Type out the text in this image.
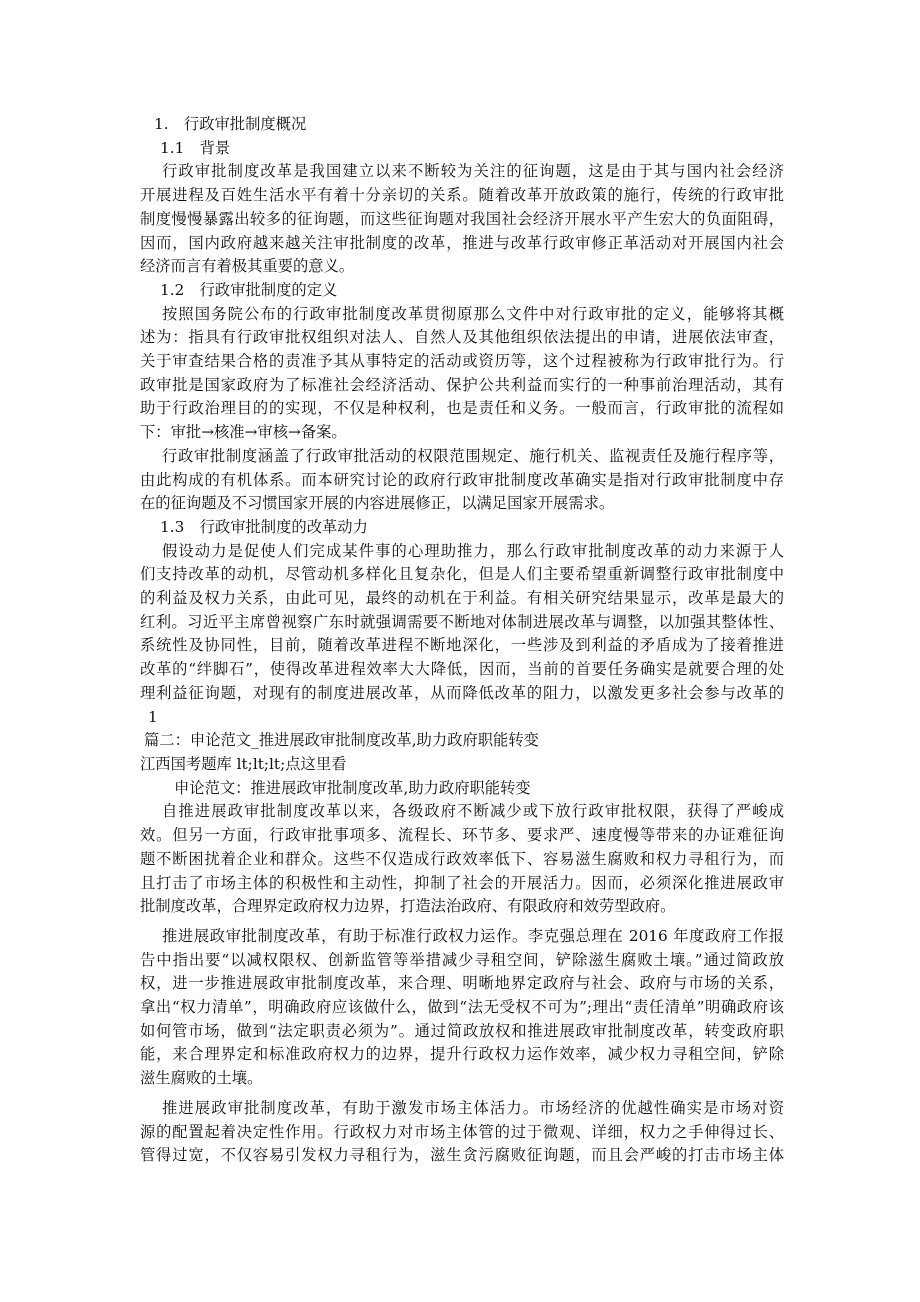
1.　行政审批制度概况
1.1　背景
行政审批制度改革是我国建立以来不断较为关注的征询题，这是由于其与国内社会经济
开展进程及百姓生活水平有着十分亲切的关系。随着改革开放政策的施行，传统的行政审批
制度慢慢暴露出较多的征询题，而这些征询题对我国社会经济开展水平产生宏大的负面阻碍，
因而，国内政府越来越关注审批制度的改革，推进与改革行政审修正革活动对开展国内社会
经济而言有着极其重要的意义。
1.2　行政审批制度的定义
按照国务院公布的行政审批制度改革贯彻原那么文件中对行政审批的定义，能够将其概
述为：指具有行政审批权组织对法人、自然人及其他组织依法提出的申请，进展依法审查，
关于审查结果合格的责准予其从事特定的活动或资历等，这个过程被称为行政审批行为。行
政审批是国家政府为了标准社会经济活动、保护公共利益而实行的一种事前治理活动，其有
助于行政治理目的的实现，不仅是种权利，也是责任和义务。一般而言，行政审批的流程如
下：审批→核准→审核→备案。
行政审批制度涵盖了行政审批活动的权限范围规定、施行机关、监视责任及施行程序等，
由此构成的有机体系。而本研究讨论的政府行政审批制度改革确实是指对行政审批制度中存
在的征询题及不习惯国家开展的内容进展修正，以满足国家开展需求。
1.3　行政审批制度的改革动力
假设动力是促使人们完成某件事的心理助推力，那么行政审批制度改革的动力来源于人
们支持改革的动机，尽管动机多样化且复杂化，但是人们主要希望重新调整行政审批制度中
的利益及权力关系，由此可见，最终的动机在于利益。有相关研究结果显示，改革是最大的
红利。习近平主席曾视察广东时就强调需要不断地对体制进展改革与调整，以加强其整体性、
系统性及协同性，目前，随着改革进程不断地深化，一些涉及到利益的矛盾成为了接着推进
改革的“绊脚石”，使得改革进程效率大大降低，因而，当前的首要任务确实是就要合理的处
理利益征询题，对现有的制度进展改革，从而降低改革的阻力，以激发更多社会参与改革的
1
篇二：申论范文_推进展政审批制度改革,助力政府职能转变
江西国考题库 lt;lt;lt;点这里看
申论范文：推进展政审批制度改革,助力政府职能转变
自推进展政审批制度改革以来，各级政府不断减少或下放行政审批权限，获得了严峻成
效。但另一方面，行政审批事项多、流程长、环节多、要求严、速度慢等带来的办证难征询
题不断困扰着企业和群众。这些不仅造成行政效率低下、容易滋生腐败和权力寻租行为，而
且打击了市场主体的积极性和主动性，抑制了社会的开展活力。因而，必须深化推进展政审
批制度改革，合理界定政府权力边界，打造法治政府、有限政府和效劳型政府。
推进展政审批制度改革，有助于标准行政权力运作。李克强总理在 2016 年度政府工作报
告中指出要“以减权限权、创新监管等举措减少寻租空间，铲除滋生腐败土壤。”通过简政放
权，进一步推进展政审批制度改革，来合理、明晰地界定政府与社会、政府与市场的关系，
拿出“权力清单”，明确政府应该做什么，做到“法无受权不可为”;理出“责任清单”明确政府该
如何管市场，做到“法定职责必须为”。通过简政放权和推进展政审批制度改革，转变政府职
能，来合理界定和标准政府权力的边界，提升行政权力运作效率，减少权力寻租空间，铲除
滋生腐败的土壤。
推进展政审批制度改革，有助于激发市场主体活力。市场经济的优越性确实是市场对资
源的配置起着决定性作用。行政权力对市场主体管的过于微观、详细，权力之手伸得过长、
管得过宽，不仅容易引发权力寻租行为，滋生贪污腐败征询题，而且会严峻的打击市场主体
